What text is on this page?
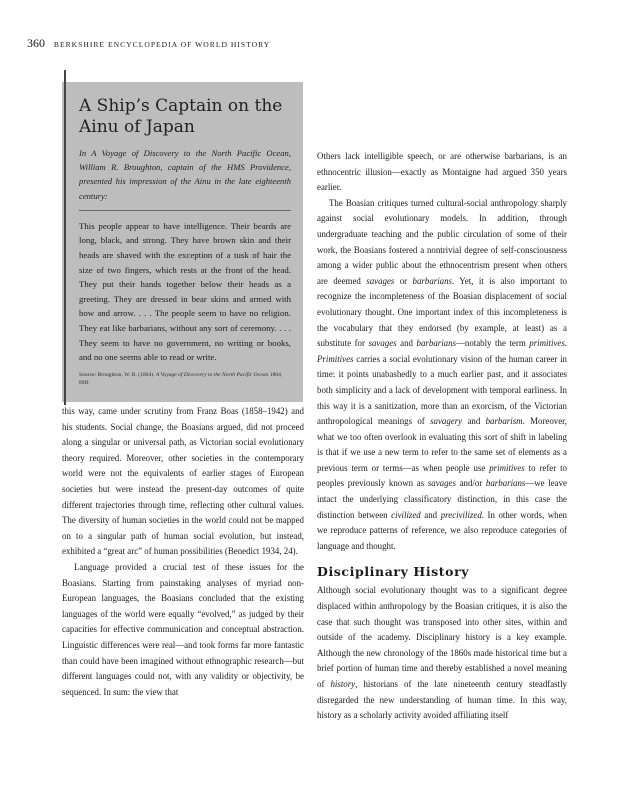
360 BERKSHIRE ENCYCLOPEDIA OF WORLD HISTORY
A Ship’s Captain on the Ainu of Japan

In A Voyage of Discovery to the North Pacific Ocean, William R. Broughton, captain of the HMS Providence, presented his impression of the Ainu in the late eighteenth century:

This people appear to have intelligence. Their beards are long, black, and strong. They have brown skin and their heads are shaved with the exception of a tusk of hair the size of two fingers, which rests at the front of the head. They put their hands together below their heads as a greeting. They are dressed in bear skins and armed with bow and arrow. . . . The people seem to have no religion. They eat like barbarians, without any sort of ceremony. . . . They seem to have no government, no writing or books, and no one seems able to read or write.

Source: Broughton, W. R. (1804). A Voyage of Discovery to the North Pacific Ocean 1804, 89ff.

this way, came under scrutiny from Franz Boas (1858–1942) and his students. Social change, the Boasians argued, did not proceed along a singular or universal path, as Victorian social evolutionary theory required. Moreover, other societies in the contemporary world were not the equivalents of earlier stages of European societies but were instead the present-day outcomes of quite different trajectories through time, reflecting other cultural values. The diversity of human societies in the world could not be mapped on to a singular path of human social evolution, but instead, exhibited a “great arc” of human possibilities (Benedict 1934, 24).

Language provided a crucial test of these issues for the Boasians. Starting from painstaking analyses of myriad non-European languages, the Boasians concluded that the existing languages of the world were equally “evolved,” as judged by their capacities for effective communication and conceptual abstraction. Linguistic differences were real—and took forms far more fantastic than could have been imagined without ethnographic research—but different languages could not, with any validity or objectivity, be sequenced. In sum: the view that

Others lack intelligible speech, or are otherwise barbarians, is an ethnocentric illusion—exactly as Montaigne had argued 350 years earlier.

The Boasian critiques turned cultural-social anthropology sharply against social evolutionary models. In addition, through undergraduate teaching and the public circulation of some of their work, the Boasians fostered a nontrivial degree of self-consciousness among a wider public about the ethnocentrism present when others are deemed savages or barbarians. Yet, it is also important to recognize the incompleteness of the Boasian displacement of social evolutionary thought. One important index of this incompleteness is the vocabulary that they endorsed (by example, at least) as a substitute for savages and barbarians—notably the term primitives. Primitives carries a social evolutionary vision of the human career in time: it points unabashedly to a much earlier past, and it associates both simplicity and a lack of development with temporal earliness. In this way it is a sanitization, more than an exorcism, of the Victorian anthropological meanings of savagery and barbarism. Moreover, what we too often overlook in evaluating this sort of shift in labeling is that if we use a new term to refer to the same set of elements as a previous term or terms—as when people use primitives to refer to peoples previously known as savages and/or barbarians—we leave intact the underlying classificatory distinction, in this case the distinction between civilized and precivilized. In other words, when we reproduce patterns of reference, we also reproduce categories of language and thought.

Disciplinary History

Although social evolutionary thought was to a significant degree displaced within anthropology by the Boasian critiques, it is also the case that such thought was transposed into other sites, within and outside of the academy. Disciplinary history is a key example. Although the new chronology of the 1860s made historical time but a brief portion of human time and thereby established a novel meaning of history, historians of the late nineteenth century steadfastly disregarded the new understanding of human time. In this way, history as a scholarly activity avoided affiliating itself
